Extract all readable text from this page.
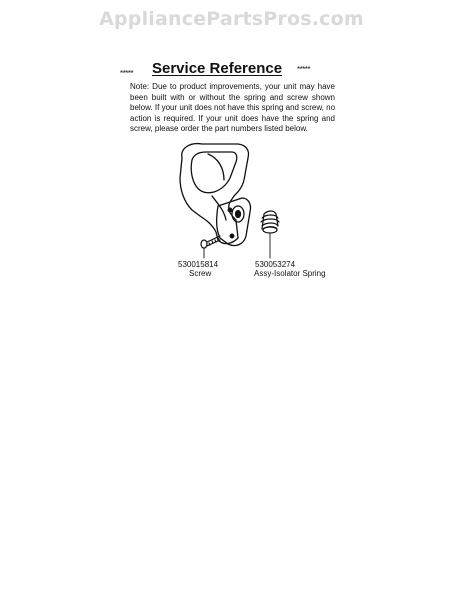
AppliancePartsPros.com
***** Service Reference *****

Note: Due to product improvements, your unit may have been built with or without the spring and screw shown below. If your unit does not have this spring and screw, no action is required. If your unit does have the spring and screw, please order the part numbers listed below.

530015814
Screw
530053274
Assy-Isolator Spring
